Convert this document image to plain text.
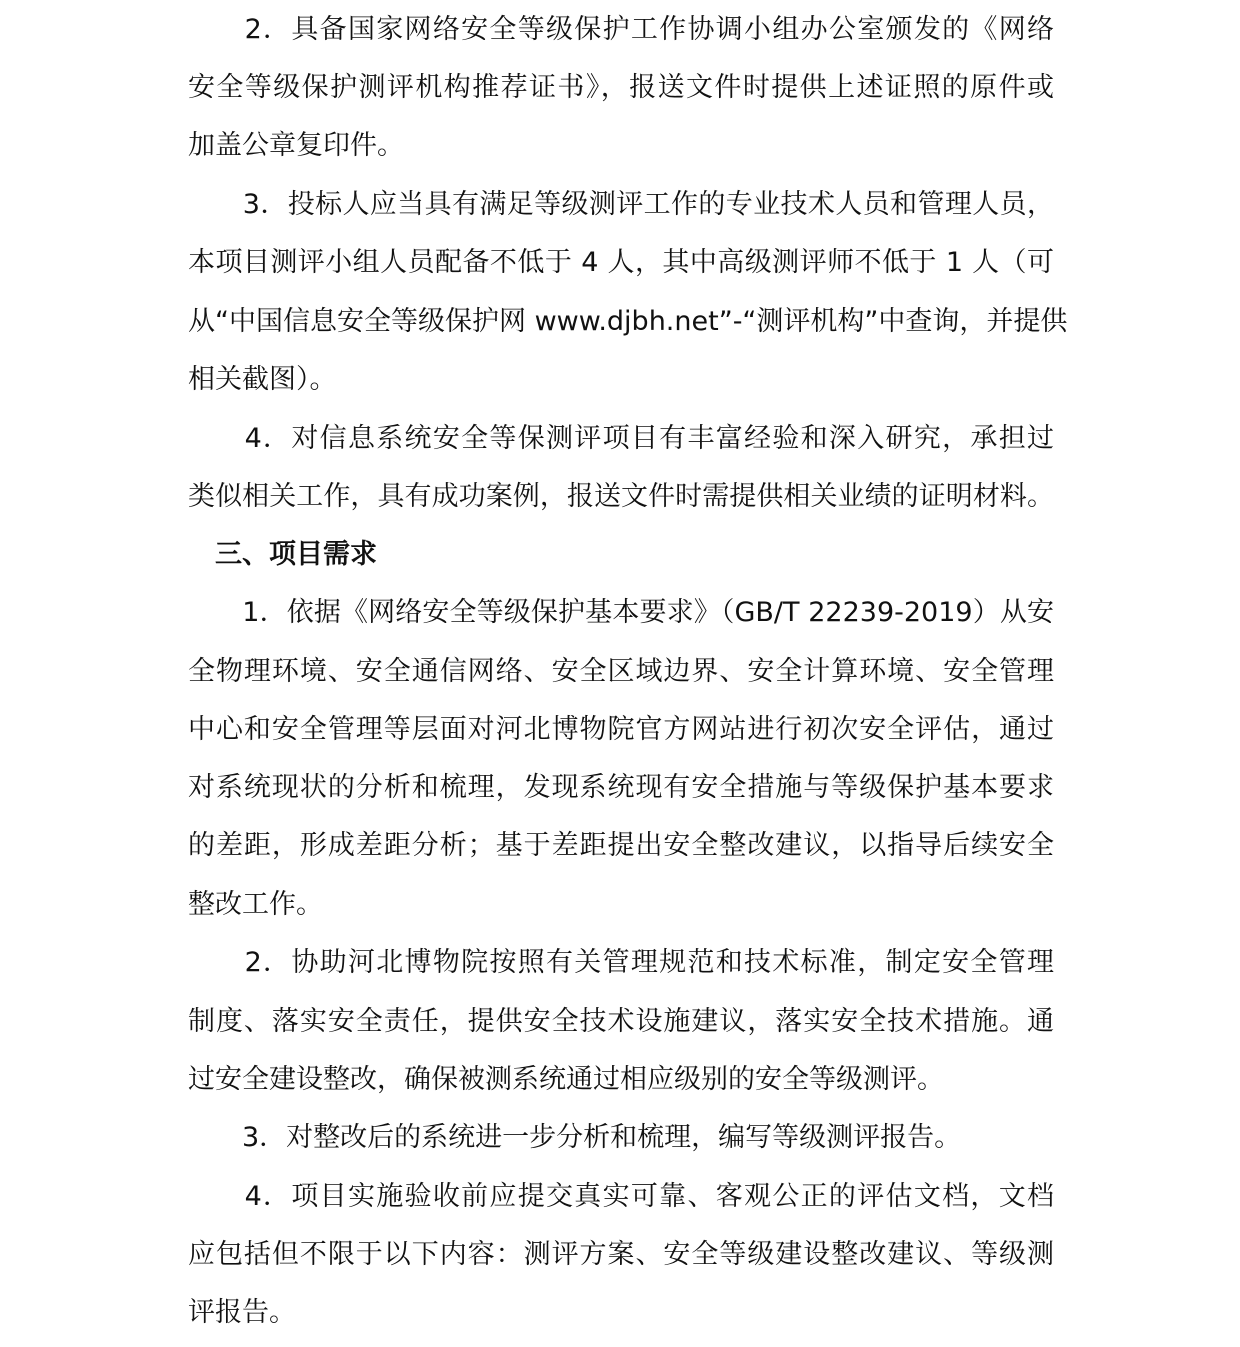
　　2．具备国家网络安全等级保护工作协调小组办公室颁发的《网络
安全等级保护测评机构推荐证书》，报送文件时提供上述证照的原件或
加盖公章复印件。
　　3．投标人应当具有满足等级测评工作的专业技术人员和管理人员，
本项目测评小组人员配备不低于 4 人，其中高级测评师不低于 1 人（可
从“中国信息安全等级保护网 www.djbh.net”-“测评机构”中查询，并提供
相关截图）。
　　4．对信息系统安全等保测评项目有丰富经验和深入研究，承担过
类似相关工作，具有成功案例，报送文件时需提供相关业绩的证明材料。
　三、项目需求
　　1．依据《网络安全等级保护基本要求》（GB/T 22239-2019）从安
全物理环境、安全通信网络、安全区域边界、安全计算环境、安全管理
中心和安全管理等层面对河北博物院官方网站进行初次安全评估，通过
对系统现状的分析和梳理，发现系统现有安全措施与等级保护基本要求
的差距，形成差距分析；基于差距提出安全整改建议，以指导后续安全
整改工作。
　　2．协助河北博物院按照有关管理规范和技术标准，制定安全管理
制度、落实安全责任，提供安全技术设施建议，落实安全技术措施。通
过安全建设整改，确保被测系统通过相应级别的安全等级测评。
　　3．对整改后的系统进一步分析和梳理，编写等级测评报告。
　　4．项目实施验收前应提交真实可靠、客观公正的评估文档，文档
应包括但不限于以下内容：测评方案、安全等级建设整改建议、等级测
评报告。
